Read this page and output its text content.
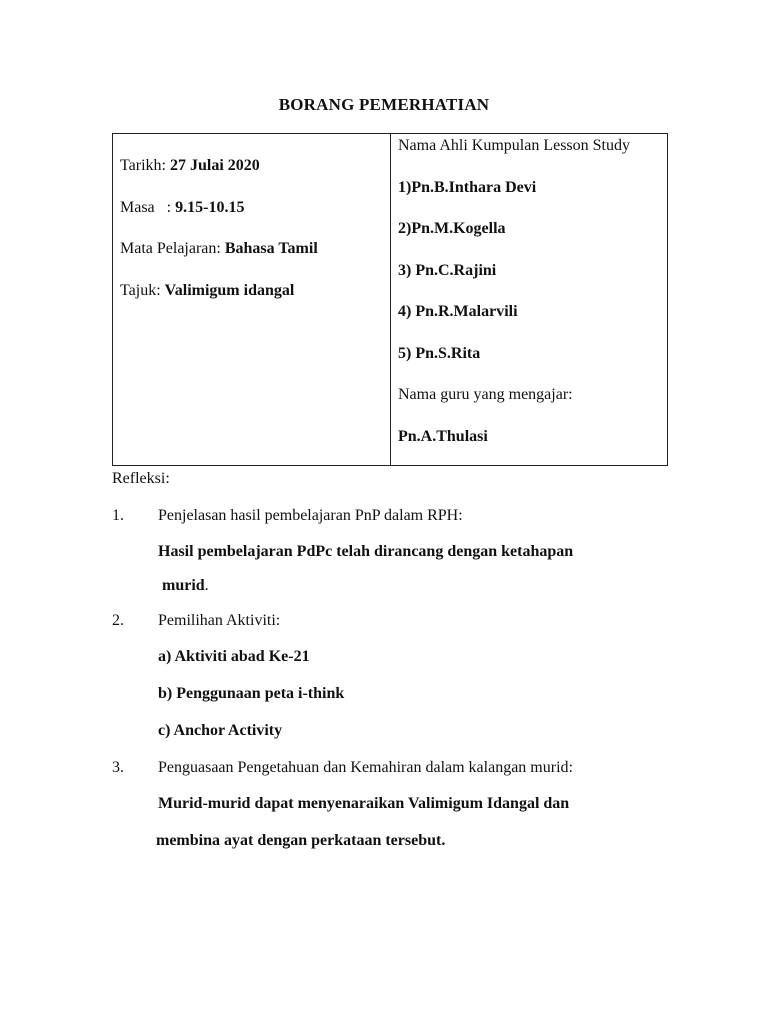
BORANG PEMERHATIAN
Tarikh: 27 Julai 2020
Masa   : 9.15-10.15
Mata Pelajaran: Bahasa Tamil
Tajuk: Valimigum idangal
Nama Ahli Kumpulan Lesson Study
1)Pn.B.Inthara Devi
2)Pn.M.Kogella
3) Pn.C.Rajini
4) Pn.R.Malarvili
5) Pn.S.Rita
Nama guru yang mengajar:
Pn.A.Thulasi
Refleksi:
1. Penjelasan hasil pembelajaran PnP dalam RPH:
Hasil pembelajaran PdPc telah dirancang dengan ketahapan
murid.
2. Pemilihan Aktiviti:
a) Aktiviti abad Ke-21
b) Penggunaan peta i-think
c) Anchor Activity
3. Penguasaan Pengetahuan dan Kemahiran dalam kalangan murid:
Murid-murid dapat menyenaraikan Valimigum Idangal dan
membina ayat dengan perkataan tersebut.
